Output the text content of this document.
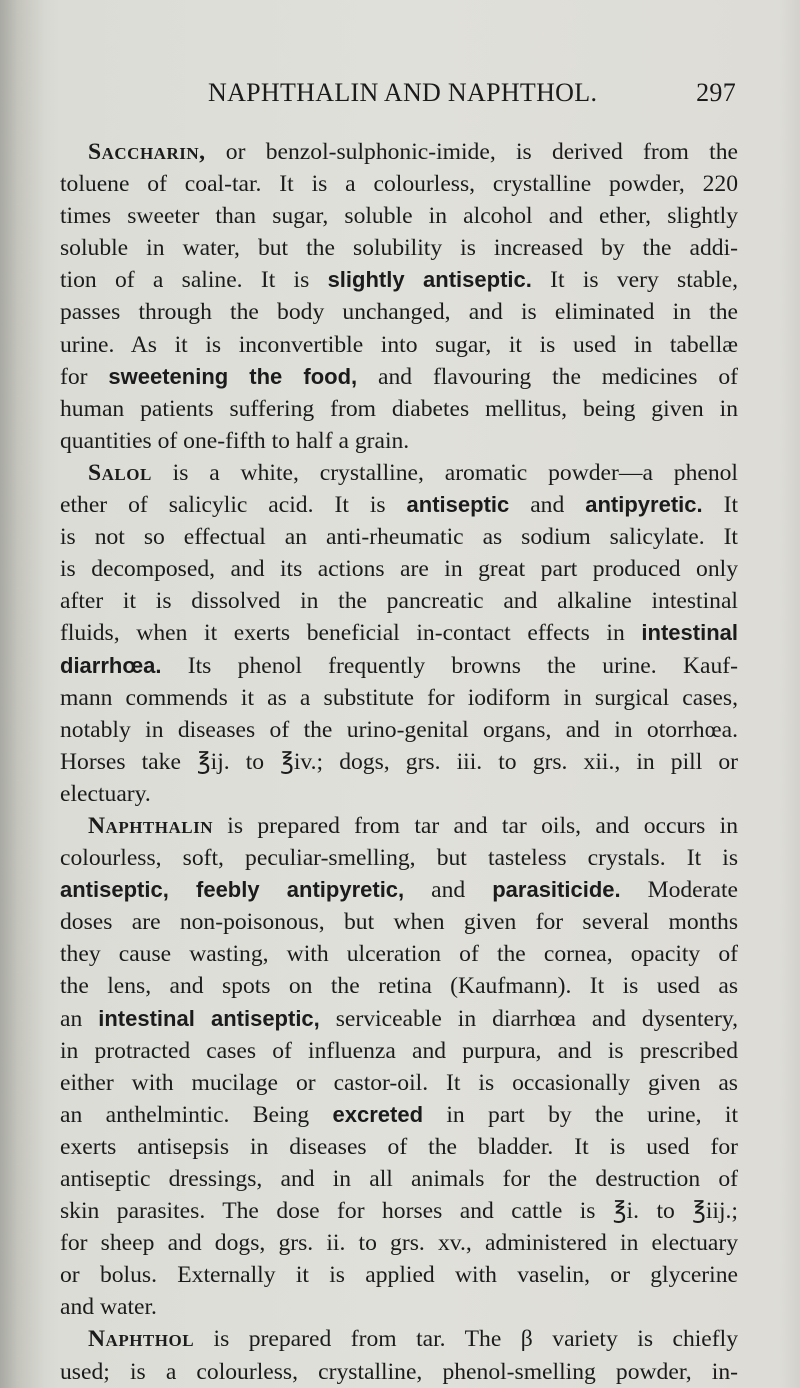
NAPHTHALIN AND NAPHTHOL.	297
Saccharin, or benzol-sulphonic-imide, is derived from the
toluene of coal-tar. It is a colourless, crystalline powder, 220
times sweeter than sugar, soluble in alcohol and ether, slightly
soluble in water, but the solubility is increased by the addi-
tion of a saline. It is slightly antiseptic. It is very stable,
passes through the body unchanged, and is eliminated in the
urine. As it is inconvertible into sugar, it is used in tabellæ
for sweetening the food, and flavouring the medicines of
human patients suffering from diabetes mellitus, being given in
quantities of one-fifth to half a grain.
Salol is a white, crystalline, aromatic powder—a phenol
ether of salicylic acid. It is antiseptic and antipyretic. It
is not so effectual an anti-rheumatic as sodium salicylate. It
is decomposed, and its actions are in great part produced only
after it is dissolved in the pancreatic and alkaline intestinal
fluids, when it exerts beneficial in-contact effects in intestinal
diarrhœa. Its phenol frequently browns the urine. Kauf-
mann commends it as a substitute for iodiform in surgical cases,
notably in diseases of the urino-genital organs, and in otorrhœa.
Horses take ℥ij. to ℥iv.; dogs, grs. iii. to grs. xii., in pill or
electuary.
Naphthalin is prepared from tar and tar oils, and occurs in
colourless, soft, peculiar-smelling, but tasteless crystals. It is
antiseptic, feebly antipyretic, and parasiticide. Moderate
doses are non-poisonous, but when given for several months
they cause wasting, with ulceration of the cornea, opacity of
the lens, and spots on the retina (Kaufmann). It is used as
an intestinal antiseptic, serviceable in diarrhœa and dysentery,
in protracted cases of influenza and purpura, and is prescribed
either with mucilage or castor-oil. It is occasionally given as
an anthelmintic. Being excreted in part by the urine, it
exerts antisepsis in diseases of the bladder. It is used for
antiseptic dressings, and in all animals for the destruction of
skin parasites. The dose for horses and cattle is ℥i. to ℥iij.;
for sheep and dogs, grs. ii. to grs. xv., administered in electuary
or bolus. Externally it is applied with vaselin, or glycerine
and water.
Naphthol is prepared from tar. The β variety is chiefly
used; is a colourless, crystalline, phenol-smelling powder, in-
